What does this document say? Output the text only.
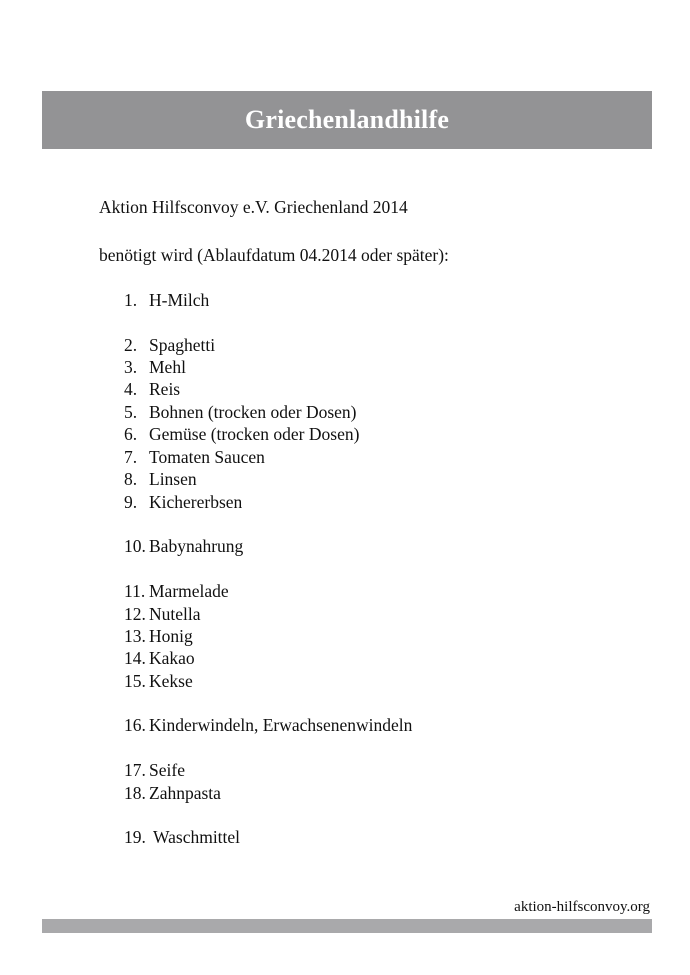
Griechenlandhilfe
Aktion Hilfsconvoy e.V. Griechenland 2014
benötigt wird (Ablaufdatum 04.2014 oder später):
1. H-Milch
2. Spaghetti
3. Mehl
4. Reis
5. Bohnen (trocken oder Dosen)
6. Gemüse (trocken oder Dosen)
7. Tomaten Saucen
8. Linsen
9. Kichererbsen
10. Babynahrung
11. Marmelade
12. Nutella
13. Honig
14. Kakao
15. Kekse
16. Kinderwindeln, Erwachsenenwindeln
17. Seife
18. Zahnpasta
19. Waschmittel
aktion-hilfsconvoy.org
